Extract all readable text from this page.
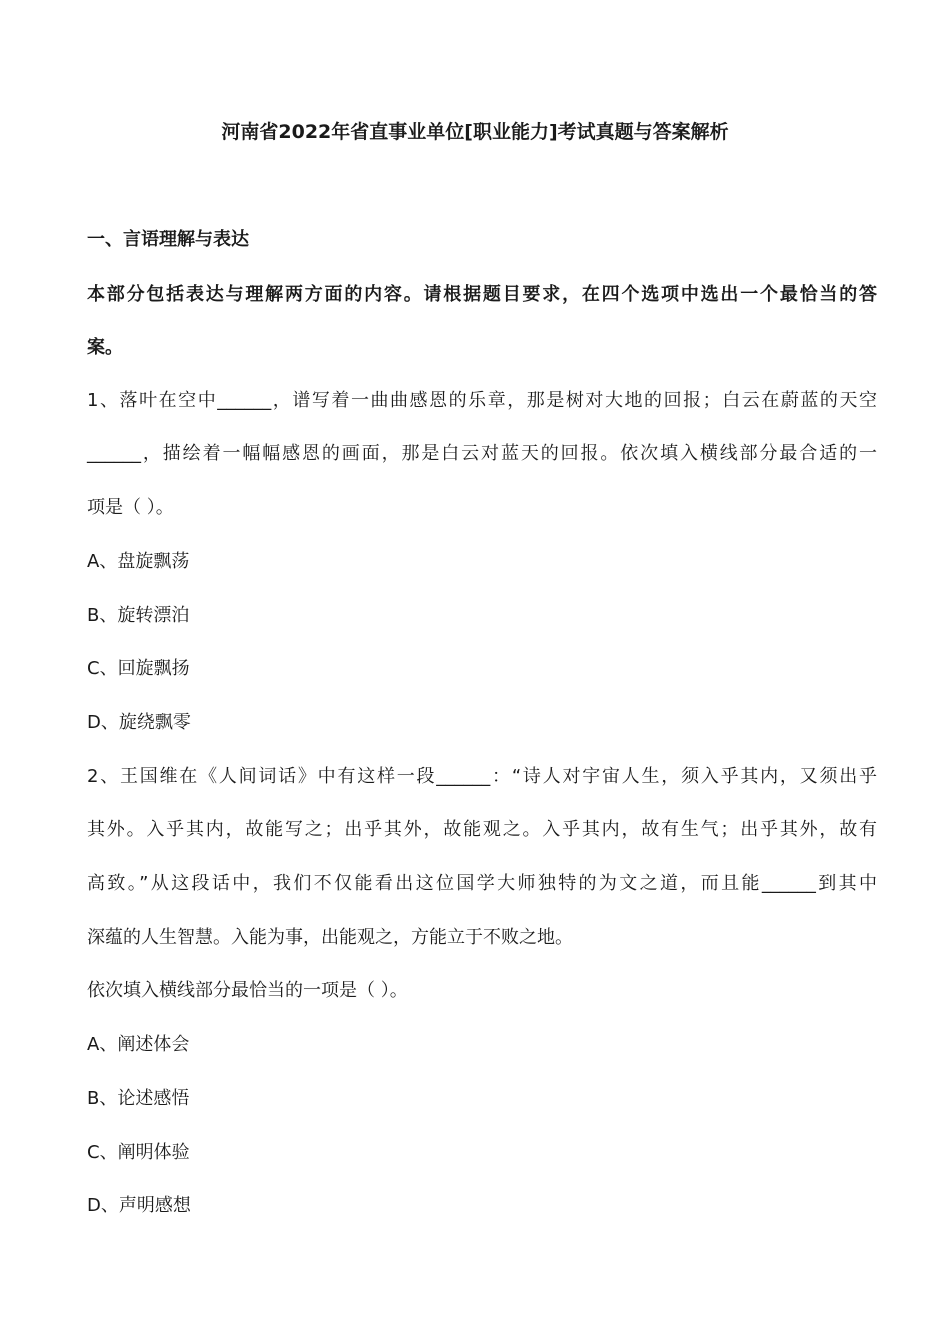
河南省2022年省直事业单位[职业能力]考试真题与答案解析
一、言语理解与表达
本部分包括表达与理解两方面的内容。请根据题目要求，在四个选项中选出一个最恰当的答
案。
1、落叶在空中______，谱写着一曲曲感恩的乐章，那是树对大地的回报；白云在蔚蓝的天空
______，描绘着一幅幅感恩的画面，那是白云对蓝天的回报。依次填入横线部分最合适的一
项是（ ）。
A、盘旋飘荡
B、旋转漂泊
C、回旋飘扬
D、旋绕飘零
2、王国维在《人间词话》中有这样一段______：“诗人对宇宙人生，须入乎其内，又须出乎
其外。入乎其内，故能写之；出乎其外，故能观之。入乎其内，故有生气；出乎其外，故有
高致。”从这段话中，我们不仅能看出这位国学大师独特的为文之道，而且能______到其中
深蕴的人生智慧。入能为事，出能观之，方能立于不败之地。
依次填入横线部分最恰当的一项是（ ）。
A、阐述体会
B、论述感悟
C、阐明体验
D、声明感想
